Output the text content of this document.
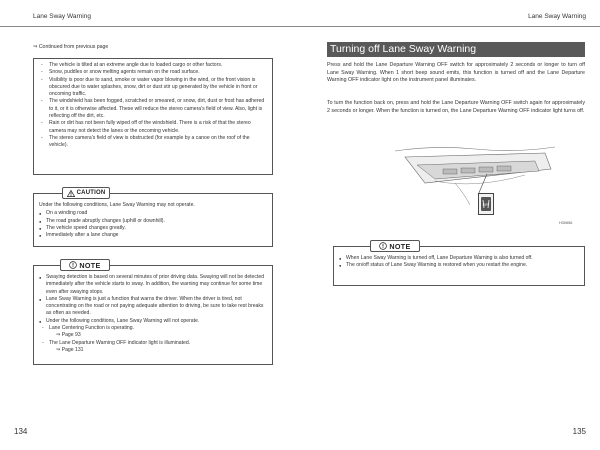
Lane Sway Warning
⇒ Continued from previous page
- The vehicle is tilted at an extreme angle due to loaded cargo or other factors.
- Snow, puddles or snow melting agents remain on the road surface.
- Visibility is poor due to sand, smoke or water vapor blowing in the wind, or the front vision is obscured due to water splashes, snow, dirt or dust stir up generated by the vehicle in front or oncoming traffic.
- The windshield has been fogged, scratched or smeared, or snow, dirt, dust or frost has adhered to it, or it is otherwise affected. These will reduce the stereo camera's field of view. Also, light is reflecting off the dirt, etc.
- Rain or dirt has not been fully wiped off of the windshield. There is a risk of that the stereo camera may not detect the lanes or the oncoming vehicle.
- The stereo camera's field of view is obstructed (for example by a canoe on the roof of the vehicle).

Under the following conditions, Lane Sway Warning may not operate.

● On a winding road
● The road grade abruptly changes (uphill or downhill).
● The vehicle speed changes greatly.
● Immediately after a lane change
CAUTION
● Swaying detection is based on several minutes of prior driving data. Swaying will not be detected immediately after the vehicle starts to sway. In addition, the warning may continue for some time even after swaying stops.
● Lane Sway Warning is just a function that warns the driver. When the driver is tired, not concentrating on the road or not paying adequate attention to driving, be sure to take rest breaks as often as needed.
● Under the following conditions, Lane Sway Warning will not operate.
- Lane Centering Function is operating.
⇒ Page 93
- The Lane Departure Warning OFF indicator light is illuminated.
⇒ Page 131
NOTE
134
Lane Sway Warning
Turning off Lane Sway Warning

Press and hold the Lane Departure Warning OFF switch for approximately 2 seconds or longer to turn off Lane Sway Warning. When 1 short beep sound emits, this function is turned off and the Lane Departure Warning OFF indicator light on the instrument panel illuminates.

To turn the function back on, press and hold the Lane Departure Warning OFF switch again for approximately 2 seconds or longer. When the function is turned on, the Lane Departure Warning OFF indicator light turns off.

OFF
H30656
● When Lane Sway Warning is turned off, Lane Departure Warning is also turned off.
● The on/off status of Lane Sway Warning is restored when you restart the engine.
NOTE
135
